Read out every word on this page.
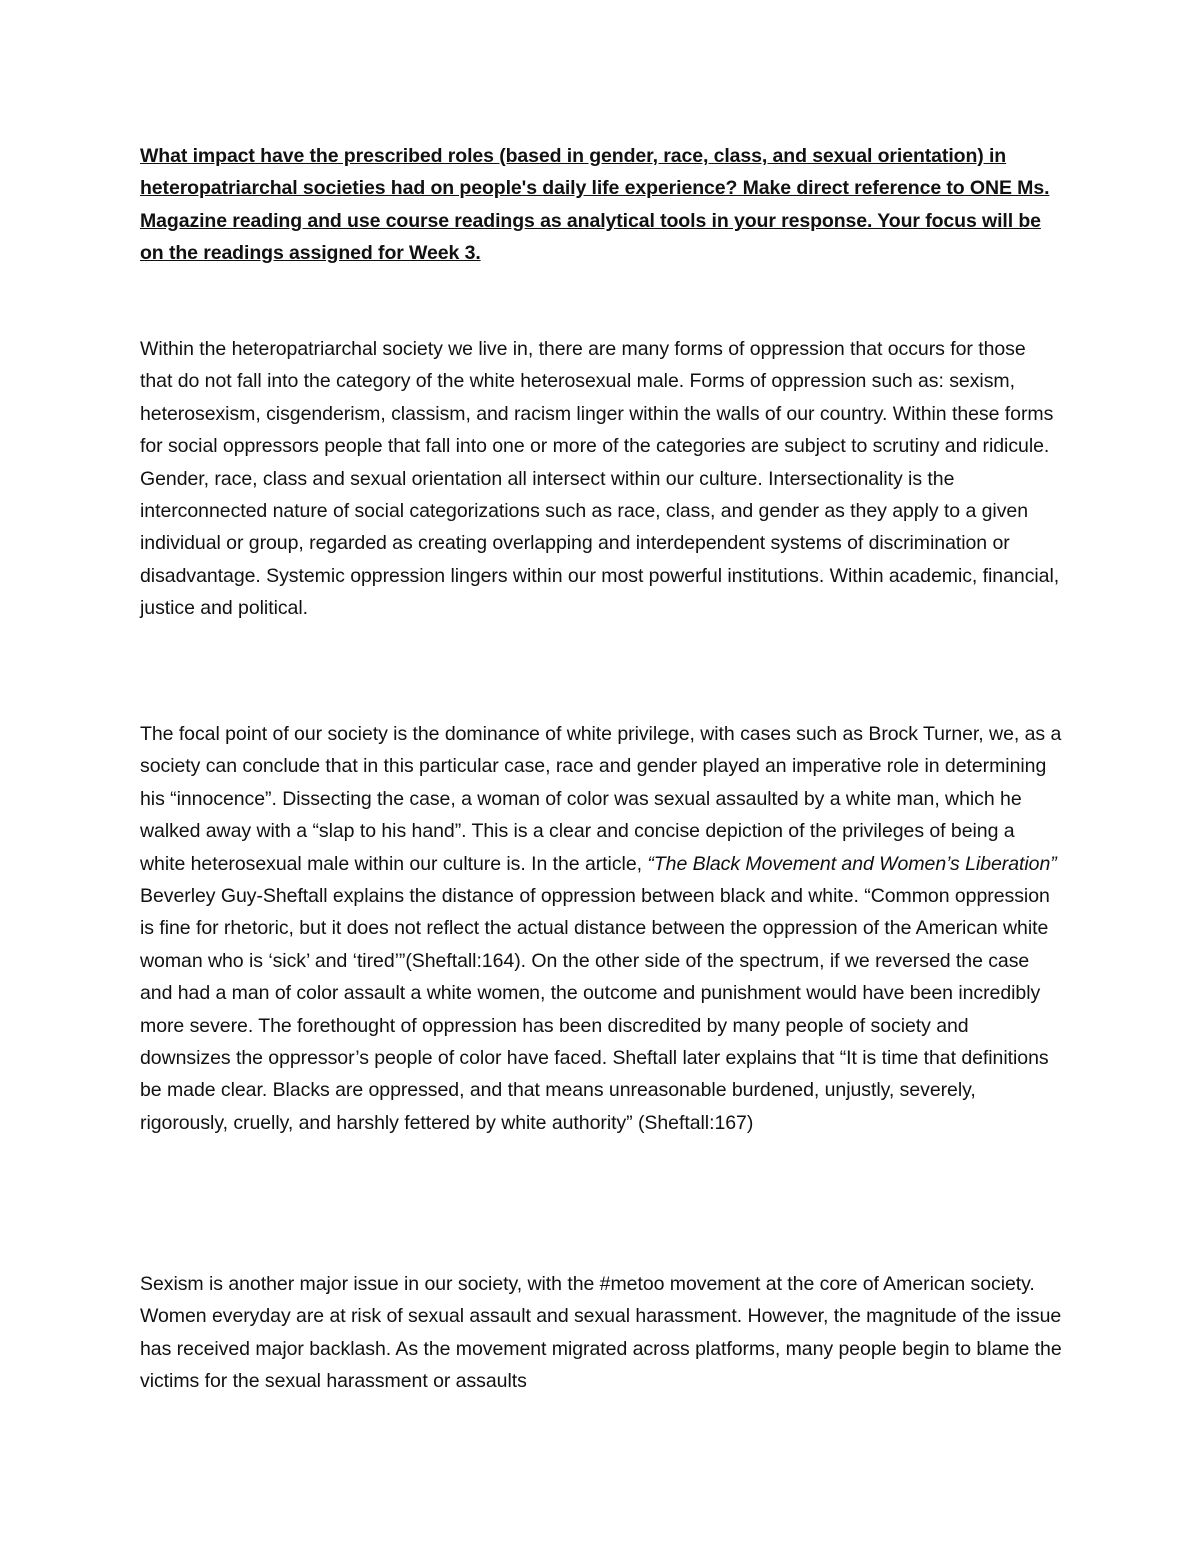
What impact have the prescribed roles (based in gender, race, class, and sexual orientation) in heteropatriarchal societies had on people's daily life experience? Make direct reference to ONE Ms. Magazine reading and use course readings as analytical tools in your response. Your focus will be on the readings assigned for Week 3.

Within the heteropatriarchal society we live in, there are many forms of oppression that occurs for those that do not fall into the category of the white heterosexual male. Forms of oppression such as: sexism, heterosexism, cisgenderism, classism, and racism linger within the walls of our country. Within these forms for social oppressors people that fall into one or more of the categories are subject to scrutiny and ridicule. Gender, race, class and sexual orientation all intersect within our culture. Intersectionality is the interconnected nature of social categorizations such as race, class, and gender as they apply to a given individual or group, regarded as creating overlapping and interdependent systems of discrimination or disadvantage. Systemic oppression lingers within our most powerful institutions. Within academic, financial, justice and political.

The focal point of our society is the dominance of white privilege, with cases such as Brock Turner, we, as a society can conclude that in this particular case, race and gender played an imperative role in determining his “innocence”. Dissecting the case, a woman of color was sexual assaulted by a white man, which he walked away with a “slap to his hand”. This is a clear and concise depiction of the privileges of being a white heterosexual male within our culture is. In the article, “The Black Movement and Women’s Liberation” Beverley Guy-Sheftall explains the distance of oppression between black and white. “Common oppression is fine for rhetoric, but it does not reflect the actual distance between the oppression of the American white woman who is ‘sick’ and ‘tired’”(Sheftall:164). On the other side of the spectrum, if we reversed the case and had a man of color assault a white women, the outcome and punishment would have been incredibly more severe. The forethought of oppression has been discredited by many people of society and downsizes the oppressor’s people of color have faced. Sheftall later explains that “It is time that definitions be made clear. Blacks are oppressed, and that means unreasonable burdened, unjustly, severely, rigorously, cruelly, and harshly fettered by white authority” (Sheftall:167)

Sexism is another major issue in our society, with the #metoo movement at the core of American society. Women everyday are at risk of sexual assault and sexual harassment. However, the magnitude of the issue has received major backlash. As the movement migrated across platforms, many people begin to blame the victims for the sexual harassment or assaults
